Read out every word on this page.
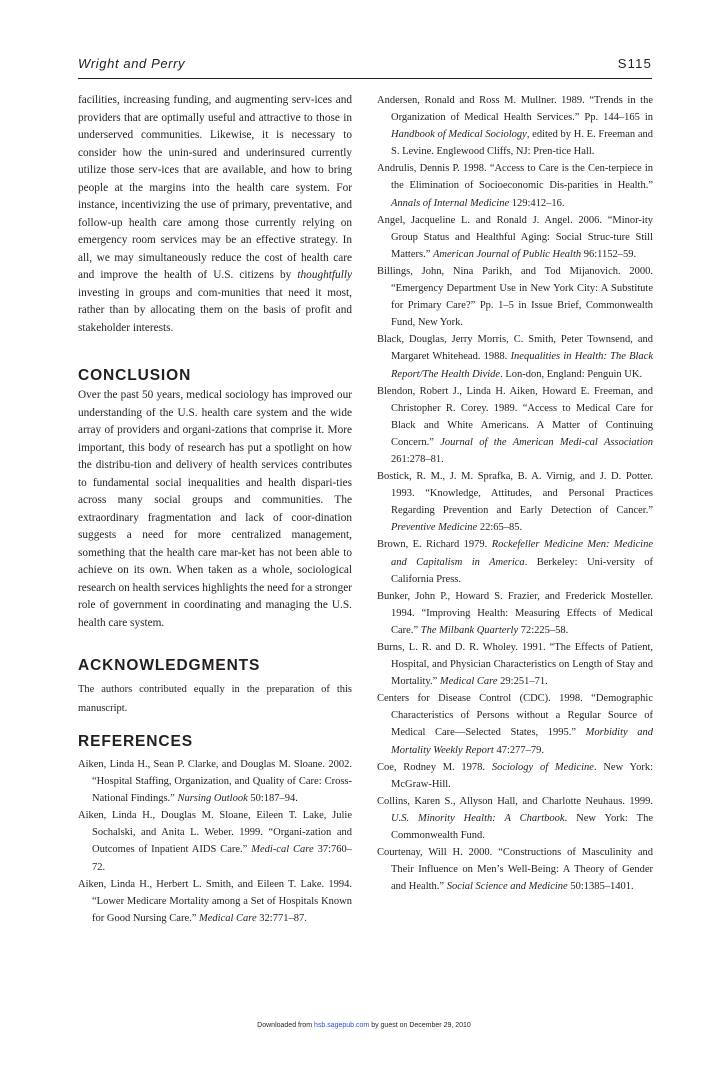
Wright and Perry	S115

facilities, increasing funding, and augmenting serv-ices and providers that are optimally useful and attractive to those in underserved communities. Likewise, it is necessary to consider how the unin-sured and underinsured currently utilize those serv-ices that are available, and how to bring people at the margins into the health care system. For instance, incentivizing the use of primary, preventative, and follow-up health care among those currently relying on emergency room services may be an effective strategy. In all, we may simultaneously reduce the cost of health care and improve the health of U.S. citizens by thoughtfully investing in groups and com-munities that need it most, rather than by allocating them on the basis of profit and stakeholder interests.

CONCLUSION

Over the past 50 years, medical sociology has improved our understanding of the U.S. health care system and the wide array of providers and organi-zations that comprise it. More important, this body of research has put a spotlight on how the distribu-tion and delivery of health services contributes to fundamental social inequalities and health dispari-ties across many social groups and communities. The extraordinary fragmentation and lack of coor-dination suggests a need for more centralized management, something that the health care mar-ket has not been able to achieve on its own. When taken as a whole, sociological research on health services highlights the need for a stronger role of government in coordinating and managing the U.S. health care system.

ACKNOWLEDGMENTS

The authors contributed equally in the preparation of this manuscript.

REFERENCES

Aiken, Linda H., Sean P. Clarke, and Douglas M. Sloane. 2002. “Hospital Staffing, Organization, and Quality of Care: Cross-National Findings.” Nursing Outlook 50:187–94.

Aiken, Linda H., Douglas M. Sloane, Eileen T. Lake, Julie Sochalski, and Anita L. Weber. 1999. “Organi-zation and Outcomes of Inpatient AIDS Care.” Medi-cal Care 37:760–72.

Aiken, Linda H., Herbert L. Smith, and Eileen T. Lake. 1994. “Lower Medicare Mortality among a Set of Hospitals Known for Good Nursing Care.” Medical Care 32:771–87.

Andersen, Ronald and Ross M. Mullner. 1989. “Trends in the Organization of Medical Health Services.” Pp. 144–165 in Handbook of Medical Sociology, edited by H. E. Freeman and S. Levine. Englewood Cliffs, NJ: Pren-tice Hall.

Andrulis, Dennis P. 1998. “Access to Care is the Cen-terpiece in the Elimination of Socioeconomic Dis-parities in Health.” Annals of Internal Medicine 129:412–16.

Angel, Jacqueline L. and Ronald J. Angel. 2006. “Minor-ity Group Status and Healthful Aging: Social Struc-ture Still Matters.” American Journal of Public Health 96:1152–59.

Billings, John, Nina Parikh, and Tod Mijanovich. 2000. “Emergency Department Use in New York City: A Substitute for Primary Care?” Pp. 1–5 in Issue Brief, Commonwealth Fund, New York.

Black, Douglas, Jerry Morris, C. Smith, Peter Townsend, and Margaret Whitehead. 1988. Inequalities in Health: The Black Report/The Health Divide. Lon-don, England: Penguin UK.

Blendon, Robert J., Linda H. Aiken, Howard E. Freeman, and Christopher R. Corey. 1989. “Access to Medical Care for Black and White Americans. A Matter of Continuing Concern.” Journal of the American Medi-cal Association 261:278–81.

Bostick, R. M., J. M. Sprafka, B. A. Virnig, and J. D. Potter. 1993. “Knowledge, Attitudes, and Personal Practices Regarding Prevention and Early Detection of Cancer.” Preventive Medicine 22:65–85.

Brown, E. Richard 1979. Rockefeller Medicine Men: Medicine and Capitalism in America. Berkeley: Uni-versity of California Press.

Bunker, John P., Howard S. Frazier, and Frederick Mosteller. 1994. “Improving Health: Measuring Effects of Medical Care.” The Milbank Quarterly 72:225–58.

Burns, L. R. and D. R. Wholey. 1991. “The Effects of Patient, Hospital, and Physician Characteristics on Length of Stay and Mortality.” Medical Care 29:251–71.

Centers for Disease Control (CDC). 1998. “Demographic Characteristics of Persons without a Regular Source of Medical Care—Selected States, 1995.” Morbidity and Mortality Weekly Report 47:277–79.

Coe, Rodney M. 1978. Sociology of Medicine. New York: McGraw-Hill.

Collins, Karen S., Allyson Hall, and Charlotte Neuhaus. 1999. U.S. Minority Health: A Chartbook. New York: The Commonwealth Fund.

Courtenay, Will H. 2000. “Constructions of Masculinity and Their Influence on Men’s Well-Being: A Theory of Gender and Health.” Social Science and Medicine 50:1385–1401.

Downloaded from hsb.sagepub.com by guest on December 29, 2010
